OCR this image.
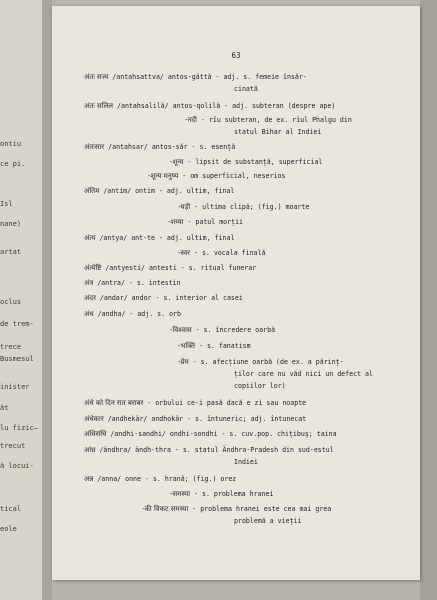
ontiu
ce pi.
Isl
nane)
artat
oclus
de trem-
trece
Busmesul
inister
ăt
lu fizic—
trecut
ă locui-
tical
eole
63
अंतः सत्त्व /antahsattva/ antos-gättă - adj. s. femeie însăr-
cinată
अंतः सलिल /antahsalilă/ antos-qolilă - adj. subteran (despre ape)
-नदी - rîu subteran, de ex. rîul Phalgu din
statul Bihar al Indiei
अंतःसार /antahsar/ antos-săr - s. esență
-शून्य - lipsit de substanță, superficial
-शून्य मनुष्य - om superficial, neserios
अंतिम /antim/ ontim - adj. ultim, final
-घड़ी - ultima clipă; (fig.) moarte
-शय्या - patul morții
अंत्य /antya/ ant-te - adj. ultim, final
-स्वर - s. vocala finală
अंत्येष्टि /antyesti/ antesti - s. ritual funerar
अंत्र /antra/ - s. intestin
अंदर /andar/ andor - s. interior al casei
अंध /andha/ - adj. s. orb
-विश्वास - s. încredere oarbă
-भक्ति - s. fanatism
-प्रेम - s. afecțiune oarbă (de ex. a părinț-
ților care nu văd nici un defect al
copiilor lor)
अंधे को दिन रात बराबर - orbului ce-i pasă dacă e zi sau noapte
अंधेकार /andhekär/ andhokär - s. întuneric; adj. întunecat
अंधिसंधि /andhi-sandhi/ ondhi-sondhi - s. cuv.pop. chiţibuş; taina
आंध्र /ändhra/ ändh-thra - s. statul Ändhra-Pradesh din sud-estul
Indiei
अन्न /anna/ onne - s. hrană; (fig.) orez
-समस्या - s. problema hranei
-की विकट समस्या - problema hranei este cea mai grea
problemă a vieții
